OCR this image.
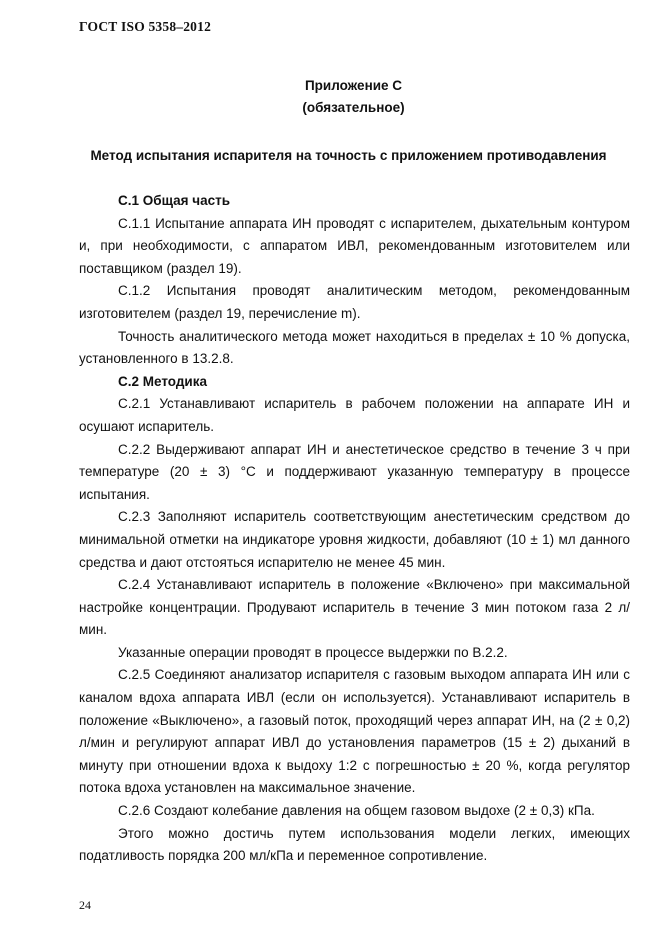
ГОСТ ISO 5358–2012
Приложение С
(обязательное)
Метод испытания испарителя на точность с приложением противодавления

С.1 Общая часть

С.1.1 Испытание аппарата ИН проводят с испарителем, дыхательным контуром и, при необходимости, с аппаратом ИВЛ, рекомендованным изготовителем или поставщиком (раздел 19).

С.1.2 Испытания проводят аналитическим методом, рекомендованным изготовителем (раздел 19, перечисление m).

Точность аналитического метода может находиться в пределах ± 10 % допуска, установленного в 13.2.8.

С.2 Методика

С.2.1 Устанавливают испаритель в рабочем положении на аппарате ИН и осушают испаритель.

С.2.2 Выдерживают аппарат ИН и анестетическое средство в течение 3 ч при температуре (20 ± 3) °С и поддерживают указанную температуру в процессе испытания.

С.2.3 Заполняют испаритель соответствующим анестетическим средством до минимальной отметки на индикаторе уровня жидкости, добавляют (10 ± 1) мл данного средства и дают отстояться испарителю не менее 45 мин.

С.2.4 Устанавливают испаритель в положение «Включено» при максимальной настройке концентрации. Продувают испаритель в течение 3 мин потоком газа 2 л/мин.

Указанные операции проводят в процессе выдержки по В.2.2.

С.2.5 Соединяют анализатор испарителя с газовым выходом аппарата ИН или с каналом вдоха аппарата ИВЛ (если он используется). Устанавливают испаритель в положение «Выключено», а газовый поток, проходящий через аппарат ИН, на (2 ± 0,2) л/мин и регулируют аппарат ИВЛ до установления параметров (15 ± 2) дыханий в минуту при отношении вдоха к выдоху 1:2 с погрешностью ± 20 %, когда регулятор потока вдоха установлен на максимальное значение.

С.2.6 Создают колебание давления на общем газовом выдохе (2 ± 0,3) кПа.

Этого можно достичь путем использования модели легких, имеющих податливость порядка 200 мл/кПа и переменное сопротивление.

24
